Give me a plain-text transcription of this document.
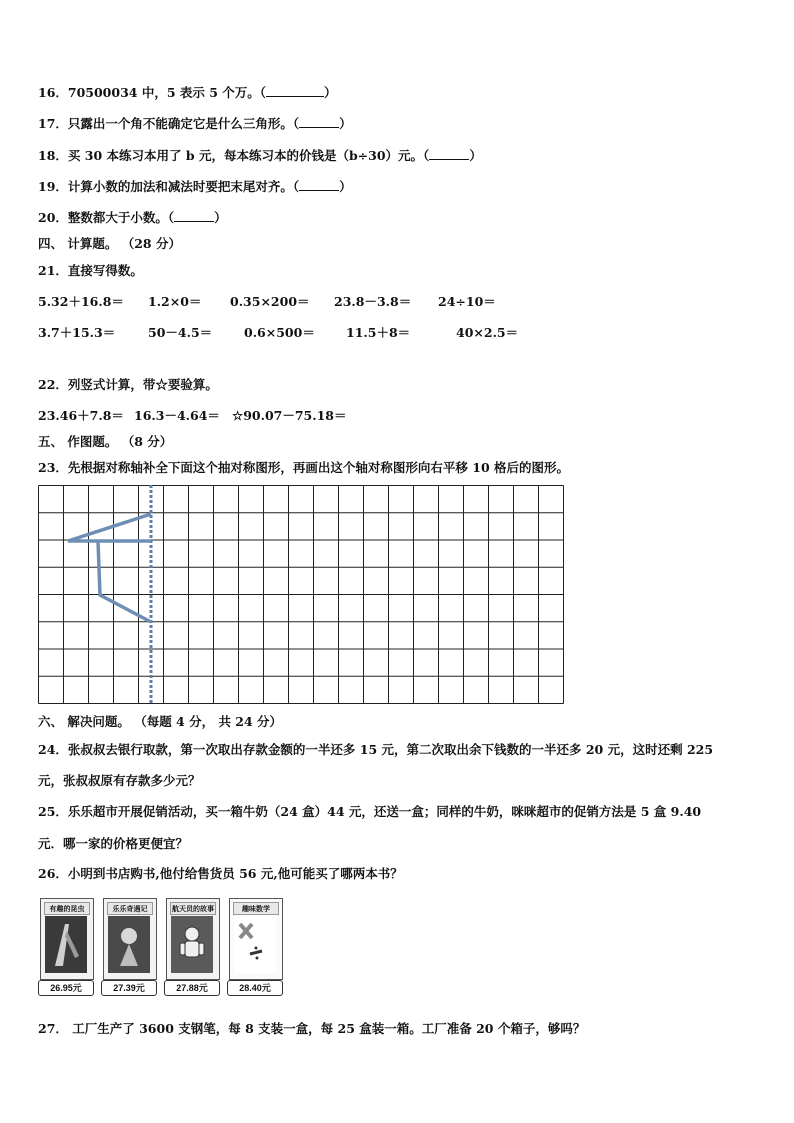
16．70500034 中，5 表示 5 个万。（	）
17．只露出一个角不能确定它是什么三角形。（	）
18．买 30 本练习本用了 b 元，每本练习本的价钱是（b÷30）元。（	）
19．计算小数的加法和减法时要把末尾对齐。（	）
20．整数都大于小数。（	）
四、 计算题。 （28 分）
21．直接写得数。
5.32＋16.8＝ 1.2×0＝ 0.35×200＝ 23.8－3.8＝ 24÷10＝
3.7＋15.3＝	50－4.5＝	0.6×500＝ 11.5＋8＝	40×2.5＝
22．列竖式计算，带☆要验算。
23.46＋7.8＝ 16.3－4.64＝ ☆90.07－75.18＝
五、 作图题。 （8 分）
23．先根据对称轴补全下面这个抽对称图形，再画出这个轴对称图形向右平移 10 格后的图形。
六、 解决问题。 （每题 4 分， 共 24 分）
24．张叔叔去银行取款，第一次取出存款金额的一半还多 15 元，第二次取出余下钱数的一半还多 20 元，这时还剩 225
元，张叔叔原有存款多少元？
25．乐乐超市开展促销活动，买一箱牛奶（24 盒）44 元，还送一盒；同样的牛奶，咪咪超市的促销方法是 5 盒 9.40
元．哪一家的价格更便宜？
26．小明到书店购书,他付给售货员 56 元,他可能买了哪两本书？
有趣的昆虫
26.95元
乐乐奇遇记
27.39元
航天员的故事
27.88元
趣味数学
28.40元
27． 工厂生产了 3600 支钢笔，每 8 支装一盒，每 25 盒装一箱。工厂准备 20 个箱子，够吗？
